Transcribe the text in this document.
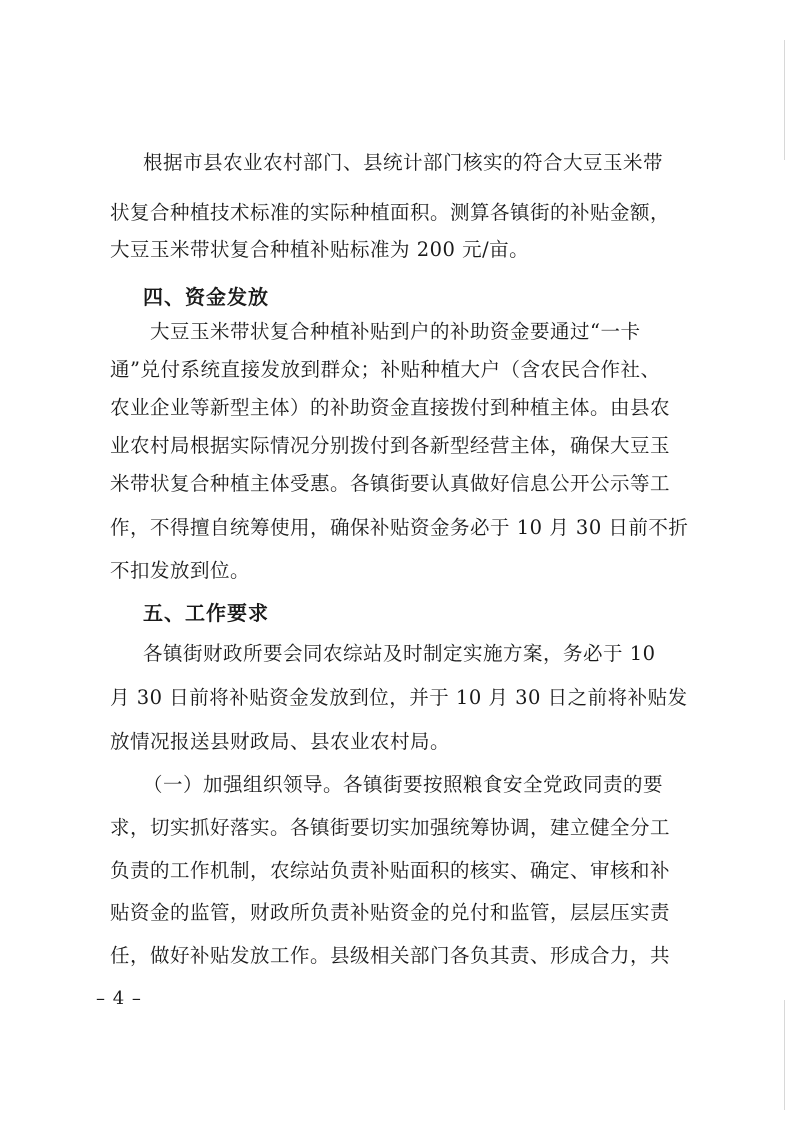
根据市县农业农村部门、县统计部门核实的符合大豆玉米带
状复合种植技术标准的实际种植面积。测算各镇街的补贴金额，
大豆玉米带状复合种植补贴标准为 200 元/亩。
四、资金发放
大豆玉米带状复合种植补贴到户的补助资金要通过“一卡
通”兑付系统直接发放到群众；补贴种植大户（含农民合作社、
农业企业等新型主体）的补助资金直接拨付到种植主体。由县农
业农村局根据实际情况分别拨付到各新型经营主体，确保大豆玉
米带状复合种植主体受惠。各镇街要认真做好信息公开公示等工
作，不得擅自统筹使用，确保补贴资金务必于 10 月 30 日前不折
不扣发放到位。
五、工作要求
各镇街财政所要会同农综站及时制定实施方案，务必于 10
月 30 日前将补贴资金发放到位，并于 10 月 30 日之前将补贴发
放情况报送县财政局、县农业农村局。
（一）加强组织领导。各镇街要按照粮食安全党政同责的要
求，切实抓好落实。各镇街要切实加强统筹协调，建立健全分工
负责的工作机制，农综站负责补贴面积的核实、确定、审核和补
贴资金的监管，财政所负责补贴资金的兑付和监管，层层压实责
任，做好补贴发放工作。县级相关部门各负其责、形成合力，共
– 4 –
